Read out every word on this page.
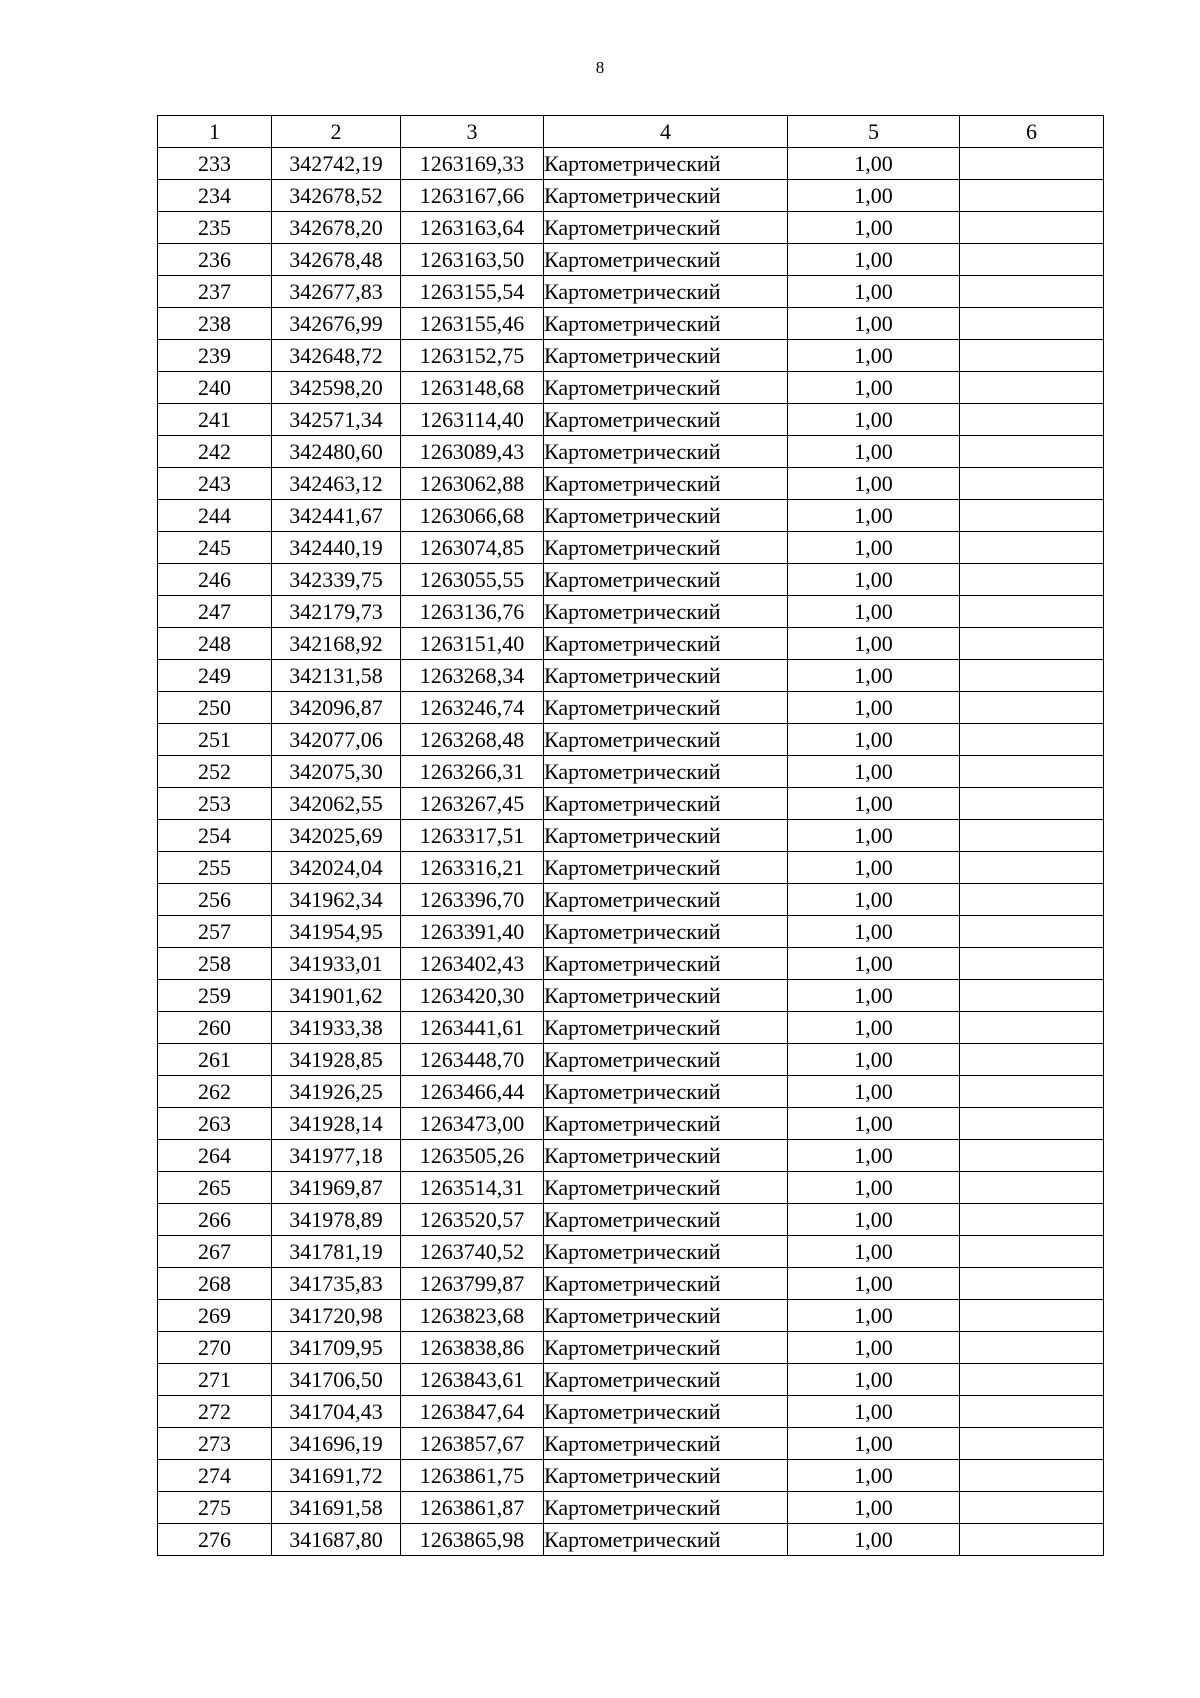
8
1	2	3	4	5	6
233	342742,19	1263169,33	Картометрический	1,00	
234	342678,52	1263167,66	Картометрический	1,00	
235	342678,20	1263163,64	Картометрический	1,00	
236	342678,48	1263163,50	Картометрический	1,00	
237	342677,83	1263155,54	Картометрический	1,00	
238	342676,99	1263155,46	Картометрический	1,00	
239	342648,72	1263152,75	Картометрический	1,00	
240	342598,20	1263148,68	Картометрический	1,00	
241	342571,34	1263114,40	Картометрический	1,00	
242	342480,60	1263089,43	Картометрический	1,00	
243	342463,12	1263062,88	Картометрический	1,00	
244	342441,67	1263066,68	Картометрический	1,00	
245	342440,19	1263074,85	Картометрический	1,00	
246	342339,75	1263055,55	Картометрический	1,00	
247	342179,73	1263136,76	Картометрический	1,00	
248	342168,92	1263151,40	Картометрический	1,00	
249	342131,58	1263268,34	Картометрический	1,00	
250	342096,87	1263246,74	Картометрический	1,00	
251	342077,06	1263268,48	Картометрический	1,00	
252	342075,30	1263266,31	Картометрический	1,00	
253	342062,55	1263267,45	Картометрический	1,00	
254	342025,69	1263317,51	Картометрический	1,00	
255	342024,04	1263316,21	Картометрический	1,00	
256	341962,34	1263396,70	Картометрический	1,00	
257	341954,95	1263391,40	Картометрический	1,00	
258	341933,01	1263402,43	Картометрический	1,00	
259	341901,62	1263420,30	Картометрический	1,00	
260	341933,38	1263441,61	Картометрический	1,00	
261	341928,85	1263448,70	Картометрический	1,00	
262	341926,25	1263466,44	Картометрический	1,00	
263	341928,14	1263473,00	Картометрический	1,00	
264	341977,18	1263505,26	Картометрический	1,00	
265	341969,87	1263514,31	Картометрический	1,00	
266	341978,89	1263520,57	Картометрический	1,00	
267	341781,19	1263740,52	Картометрический	1,00	
268	341735,83	1263799,87	Картометрический	1,00	
269	341720,98	1263823,68	Картометрический	1,00	
270	341709,95	1263838,86	Картометрический	1,00	
271	341706,50	1263843,61	Картометрический	1,00	
272	341704,43	1263847,64	Картометрический	1,00	
273	341696,19	1263857,67	Картометрический	1,00	
274	341691,72	1263861,75	Картометрический	1,00	
275	341691,58	1263861,87	Картометрический	1,00	
276	341687,80	1263865,98	Картометрический	1,00	
